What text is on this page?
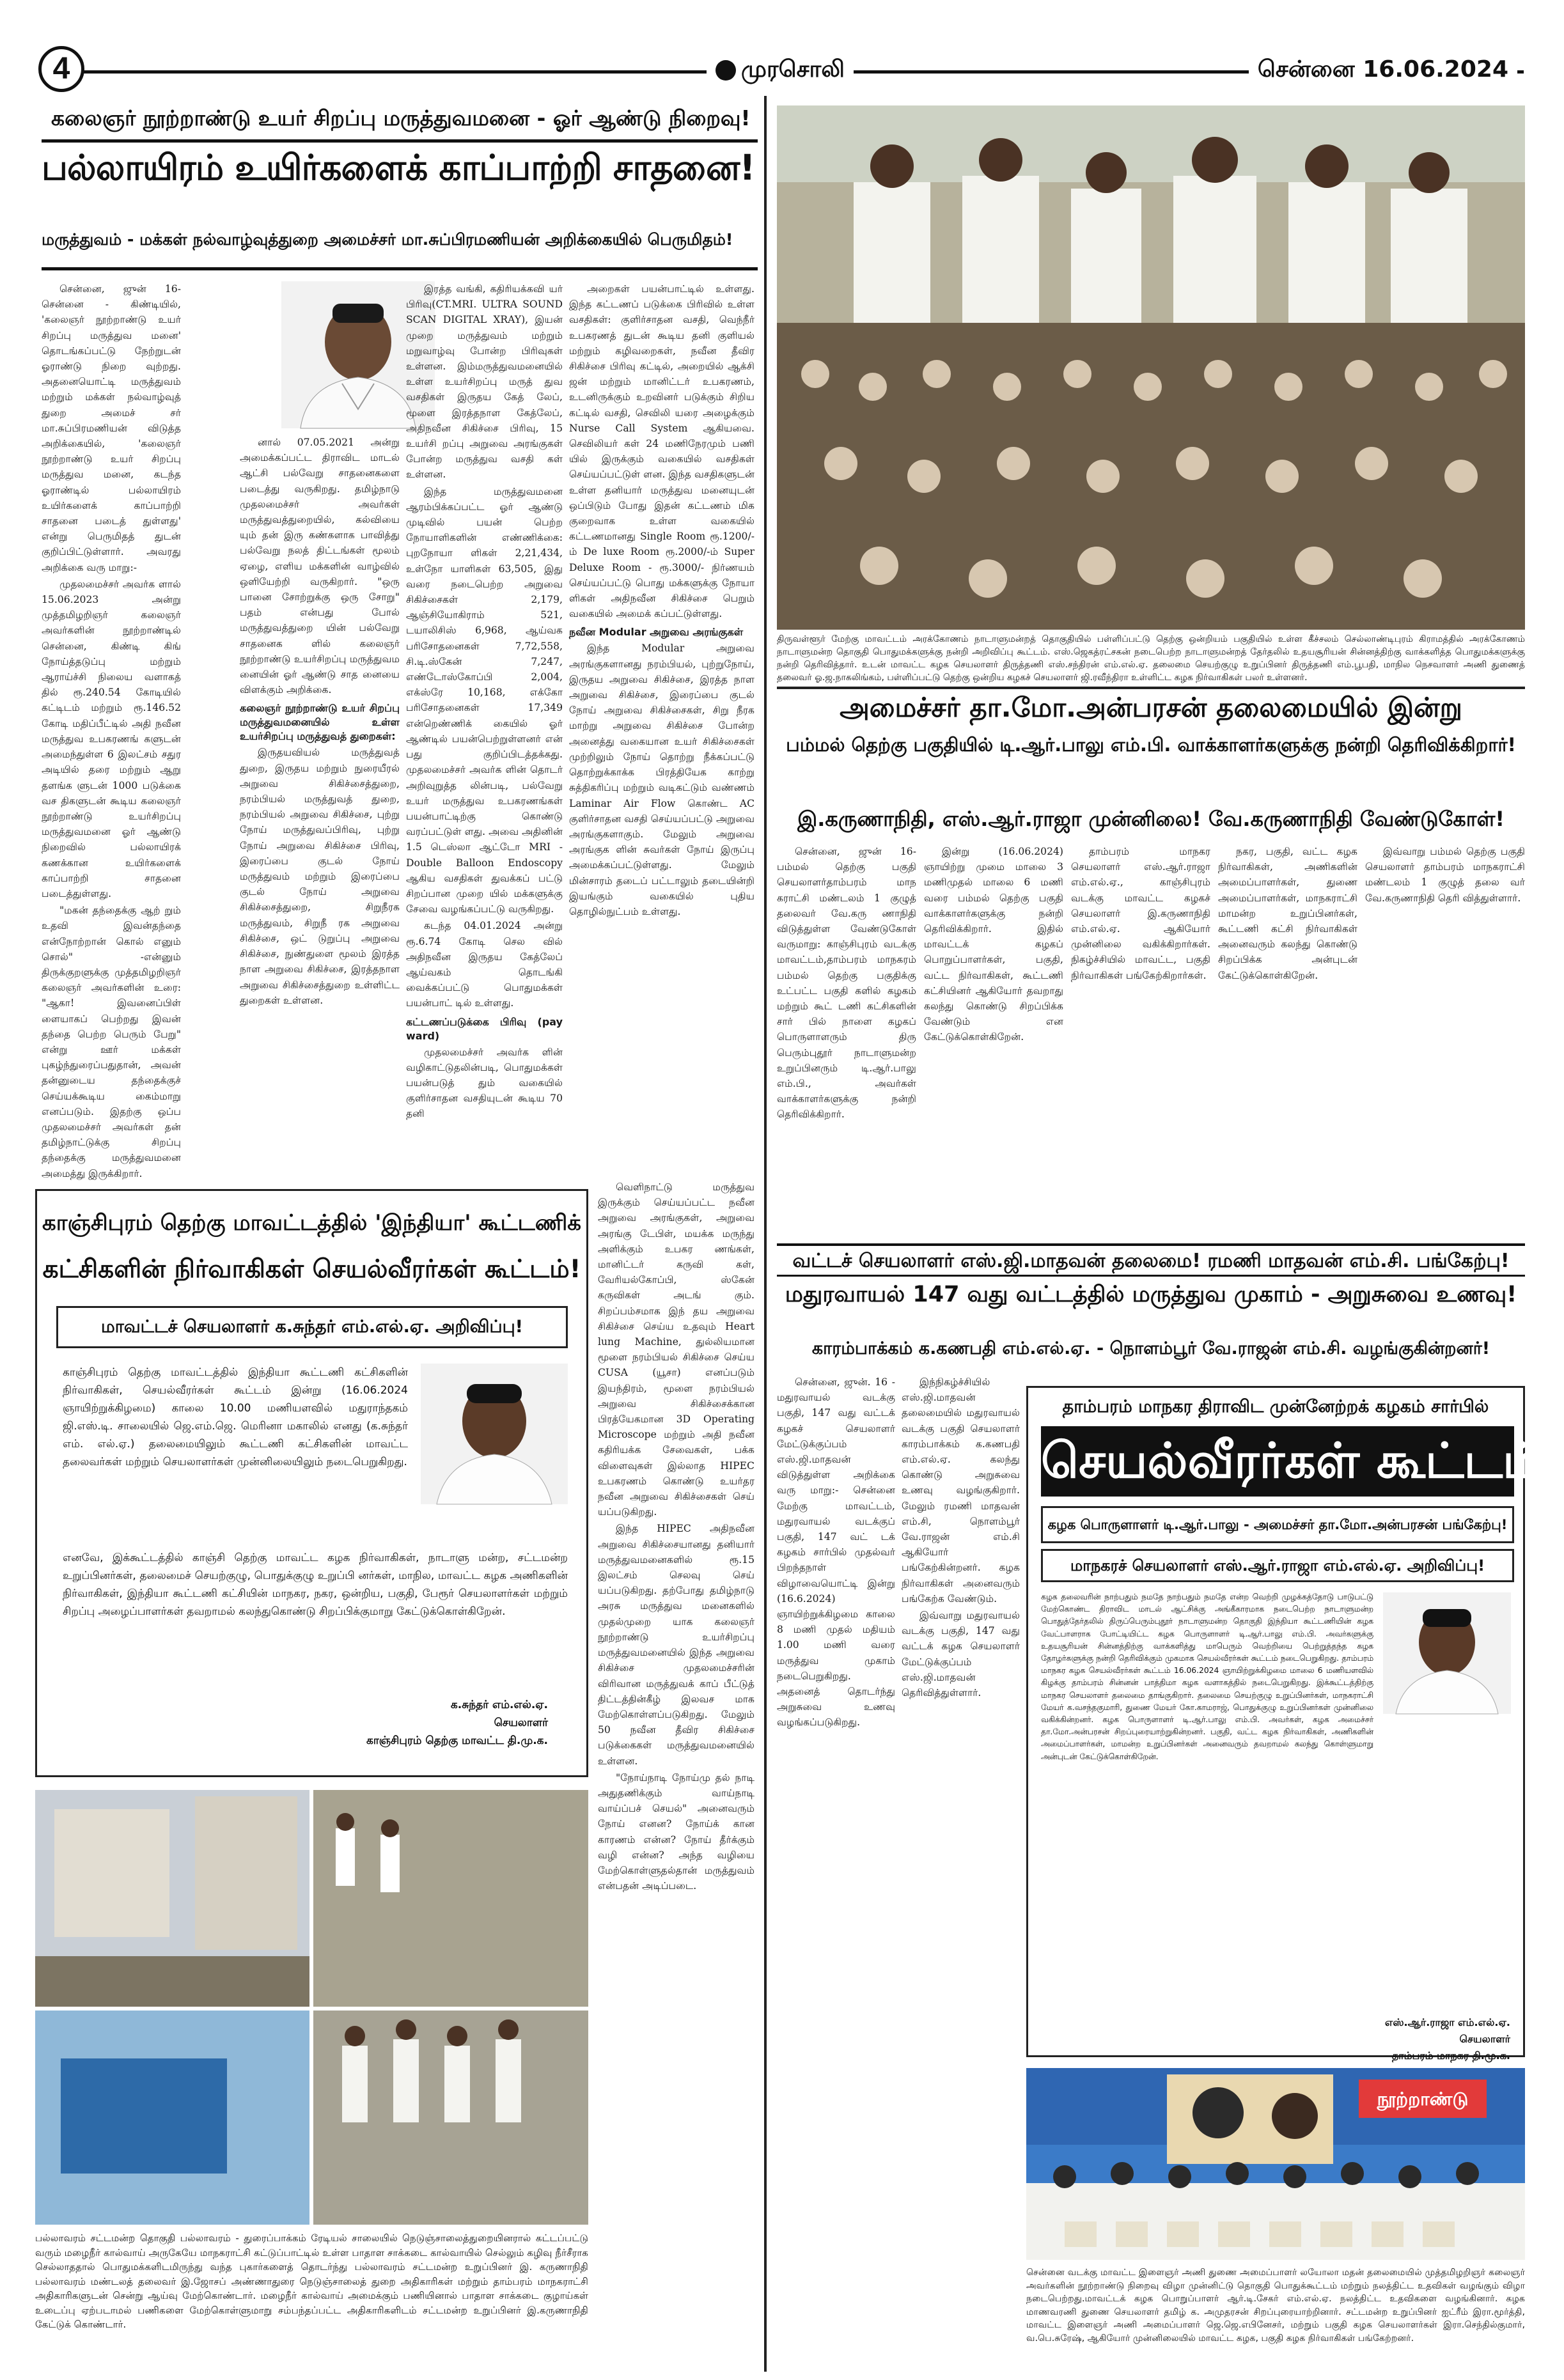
4	முரசொலி	சென்னை 16.06.2024
கலைஞர் நூற்றாண்டு உயர் சிறப்பு மருத்துவமனை - ஓர் ஆண்டு நிறைவு!
பல்லாயிரம் உயிர்களைக் காப்பாற்றி சாதனை!
மருத்துவம் - மக்கள் நல்வாழ்வுத்துறை அமைச்சர் மா.சுப்பிரமணியன் அறிக்கையில் பெருமிதம்!

சென்னை, ஜுன் 16- சென்னை - கிண்டியில், 'கலைஞர் நூற்றாண்டு உயர் சிறப்பு மருத்துவ மனை' தொடங்கப்பட்டு நேற்றுடன் ஓராண்டு நிறை வுற்றது. அதனையொட்டி மருத்துவம் மற்றும் மக்கள் நல்வாழ்வுத் துறை அமைச் சர் மா.சுப்பிரமணியன் விடுத்த அறிக்கையில், 'கலைஞர் நூற்றாண்டு உயர் சிறப்பு மருத்துவ மனை, கடந்த ஓராண்டில் பல்லாயிரம் உயிர்களைக் காப்பாற்றி சாதனை படைத் துள்ளது' என்று பெருமிதத் துடன் குறிப்பிட்டுள்ளார். அவரது அறிக்கை வரு மாறு:-

முதலமைச்சர் அவர்க ளால் 15.06.2023 அன்று முத்தமிழறிஞர் கலைஞர் அவர்களின் நூற்றாண்டில் சென்னை, கிண்டி கிங் நோய்த்தடுப்பு மற்றும் ஆராய்ச்சி நிலைய வளாகத் தில் ரூ.240.54 கோடியில் கட்டிடம் மற்றும் ரூ.146.52 கோடி மதிப்பீட்டில் அதி நவீன மருத்துவ உபகரணங் களுடன் அமைந்துள்ள 6 இலட்சம் சதுர அடியில் தரை மற்றும் ஆறு தளங்க ளுடன் 1000 படுக்கை வச திகளுடன் கூடிய கலைஞர் நூற்றாண்டு உயர்சிறப்பு மருத்துவமனை ஓர் ஆண்டு நிறைவில் பல்லாயிரக் கணக்கான உயிர்களைக் காப்பாற்றி சாதனை படைத்துள்ளது.

"மகன் தந்தைக்கு ஆற் றும் உதவி இவன்தந்தை என்நோற்றான் கொல் எனும் சொல்" -என்னும் திருக்குறளுக்கு முத்தமிழறிஞர் கலைஞர் அவர்களின் உரை: "ஆகா! இவனைப்பிள் ளையாகப் பெற்றது இவன் தந்தை பெற்ற பெரும் பேறு" என்று ஊர் மக்கள் புகழ்ந்துரைப்பதுதான், அவன் தன்னுடைய தந்தைக்குச் செய்யக்கூடிய கைம்மாறு எனப்படும். இதற்கு ஒப்ப முதலமைச்சர் அவர்கள் தன் தமிழ்நாட்டுக்கு சிறப்பு தந்தைக்கு மருத்துவமனை அமைத்து இருக்கிறார்.

னால் 07.05.2021 அன்று அமைக்கப்பட்ட திராவிட மாடல் ஆட்சி பல்வேறு சாதனைகளை படைத்து வருகிறது. தமிழ்நாடு முதலமைச்சர் அவர்கள் மருத்துவத்துறையில், கல்வியை யும் தன் இரு கண்களாக பாவித்து பல்வேறு நலத் திட்டங்கள் மூலம் ஏழை, எளிய மக்களின் வாழ்வில் ஒளியேற்றி வருகிறார். "ஒரு பானை சோற்றுக்கு ஒரு சோறு" பதம் என்பது போல் மருத்துவத்துறை யின் பல்வேறு சாதனைக ளில் கலைஞர் நூற்றாண்டு உயர்சிறப்பு மருத்துவம னையின் ஓர் ஆண்டு சாத னையை விளக்கும் அறிக்கை.

கலைஞர் நூற்றாண்டு உயர் சிறப்பு மருத்துவமனையில் உள்ள உயர்சிறப்பு மருத்துவத் துறைகள்:

இருதயவியல் மருத்துவத் துறை, இருதய மற்றும் நுரையீரல் அறுவை சிகிச்சைத்துறை, நரம்பியல் மருத்துவத் துறை, நரம்பியல் அறுவை சிகிச்சை, புற்று நோய் மருத்துவப்பிரிவு, புற்று நோய் அறுவை சிகிச்சை பிரிவு, இரைப்பை குடல் நோய் மருத்துவம் மற்றும் இரைப்பை குடல் நோய் அறுவை சிகிச்சைத்துறை, சிறுநீரக மருத்துவம், சிறுநீ ரக அறுவை சிகிச்சை, ஒட் டுறுப்பு அறுவை சிகிச்சை, நுண்துளை மூலம் இரத்த நாள அறுவை சிகிச்சை, இரத்தநாள அறுவை சிகிச்சைத்துறை உள்ளிட்ட துறைகள் உள்ளன.

இரத்த வங்கி, கதிரியக்கவி யர் பிரிவு(CT.MRI. ULTRA SOUND SCAN DIGITAL XRAY), இயன் முறை மருத்துவம் மற்றும் மறுவாழ்வு போன்ற பிரிவுகள் உள்ளன. இம்மருத்துவமனையில் உள்ள உயர்சிறப்பு மருத் துவ வசதிகள் இருதய கேத் லேப், மூளை இரத்தநாள கேத்லேப், அதிநவீன சிகிச்சை பிரிவு, 15 உயர்சி றப்பு அறுவை அரங்குகள் போன்ற மருத்துவ வசதி கள் உள்ளன.

இந்த மருத்துவமனை ஆரம்பிக்கப்பட்ட ஓர் ஆண்டு முடிவில் பயன் பெற்ற நோயாளிகளின் எண்ணிக்கை: புறநோயா ளிகள் 2,21,434, உள்நோ யாளிகள் 63,505, இது வரை நடைபெற்ற அறுவை சிகிச்சைகள் 2,179, ஆஞ்சியோகிராம் 521, டயாலிசிஸ் 6,968, ஆய்வக பரிசோதனைகள் 7,72,558, சி.டி.ஸ்கேன் 7,247, எண்டோஸ்கோப்பி 2,004, எக்ஸ்ரே 10,168, எக்கோ பரிசோதனைகள் 17,349 என்றெண்ணிக் கையில் ஓர் ஆண்டில் பயன்பெற்றுள்ளனர் என் பது குறிப்பிடத்தக்கது. முதலமைச்சர் அவர்க ளின் தொடர் அறிவுறுத்த லின்படி, பல்வேறு உயர் மருத்துவ உபகரணங்கள் பயன்பாட்டிற்கு கொண்டு வரப்பட்டுள் ளது. அவை அதினின் 1.5 டெஸ்லா ஆட்டோ MRI - Double Balloon Endoscopy ஆகிய வசதிகள் துவக்கப் பட்டு சிறப்பான முறை யில் மக்களுக்கு சேவை வழங்கப்பட்டு வருகிறது.

கடந்த 04.01.2024 அன்று ரூ.6.74 கோடி செல வில் அதிநவீன இருதய கேத்லேப் ஆய்வகம் தொடங்கி வைக்கப்பட்டு பொதுமக்கள் பயன்பாட் டில் உள்ளது.

கட்டணப்படுக்கை பிரிவு (pay ward)

முதலமைச்சர் அவர்க ளின் வழிகாட்டுதலின்படி, பொதுமக்கள் பயன்படுத் தும் வகையில் குளிர்சாதன வசதியுடன் கூடிய 70 தனி

அறைகள் பயன்பாட்டில் உள்ளது. இந்த கட்டணப் படுக்கை பிரிவில் உள்ள வசதிகள்: குளிர்சாதன வசதி, வெந்நீர் உபகரணத் துடன் கூடிய தனி குளியல் மற்றும் கழிவறைகள், நவீன தீவிர சிகிச்சை பிரிவு கட்டில், அறையில் ஆக்சி ஜன் மற்றும் மானிட்டர் உபகரணம், உடனிருக்கும் உறவினர் படுக்கும் சிறிய கட்டில் வசதி, செவிலி யரை அழைக்கும் Nurse Call System ஆகியவை. செவிலியர் கள் 24 மணிநேரமும் பணி யில் இருக்கும் வகையில் வசதிகள் செய்யப்பட்டுள் ளன. இந்த வசதிகளுடன் உள்ள தனியார் மருத்துவ மனையுடன் ஒப்பிடும் போது இதன் கட்டணம் மிக குறைவாக உள்ள வகையில் கட்டணமானது Single Room ரூ.1200/-ம் De luxe Room ரூ.2000/-ம் Super Deluxe Room - ரூ.3000/- நிர்ணயம் செய்யப்பட்டு பொது மக்களுக்கு நோயா ளிகள் அதிநவீன சிகிச்சை பெறும் வகையில் அமைக் கப்பட்டுள்ளது.

நவீன Modular அறுவை அரங்குகள்

இந்த Modular அறுவை அரங்குகளானது நரம்பியல், புற்றுநோய், இருதய அறுவை சிகிச்சை, இரத்த நாள அறுவை சிகிச்சை, இரைப்பை குடல் நோய் அறுவை சிகிச்சைகள், சிறு நீரக மாற்று அறுவை சிகிச்சை போன்ற அனைத்து வகையான உயர் சிகிச்சைகள் முற்றிலும் நோய் தொற்று நீக்கப்பட்டு தொற்றுக்காக்க பிரத்தியேக காற்று சுத்திகரிப்பு மற்றும் வடிகட்டும் வண்ணம் Laminar Air Flow கொண்ட AC குளிர்சாதன வசதி செய்யப்பட்டு அறுவை அரங்குகளாகும். மேலும் அறுவை அரங்குக ளின் சுவர்கள் நோய் இருப்பு அமைக்கப்பட்டுள்ளது. மேலும் மின்சாரம் தடைப் பட்டாலும் தடையின்றி இயங்கும் வகையில் புதிய தொழில்நுட்பம் உள்ளது.

திருவள்ளூர் மேற்கு மாவட்டம் அரக்கோணம் நாடாளுமன்றத் தொகுதியில் பள்ளிப்பட்டு தெற்கு ஒன்றியம் பகுதியில் உள்ள கீச்சலம் செல்லாண்டிபுரம் கிராமத்தில் அரக்கோணம் நாடாளுமன்ற தொகுதி பொதுமக்களுக்கு நன்றி அறிவிப்பு கூட்டம். எஸ்.ஜெகத்ரட்சகன் நடைபெற்ற நாடாளுமன்றத் தேர்தலில் உதயசூரியன் சின்னத்திற்கு வாக்களித்த பொதுமக்களுக்கு நன்றி தெரிவித்தார். உடன் மாவட்ட கழக செயலாளர் திருத்தணி எஸ்.சந்திரன் எம்.எல்.ஏ. தலைமை செயற்குழு உறுப்பினர் திருத்தணி எம்.பூபதி, மாநில நெசவாளர் அணி துணைத் தலைவர் ஓ.ஜ.நாகலிங்கம், பள்ளிப்பட்டு தெற்கு ஒன்றிய கழகச் செயலாளர் ஜி.ரவீந்திரா உள்ளிட்ட கழக நிர்வாகிகள் பலர் உள்ளனர்.
அமைச்சர் தா.மோ.அன்பரசன் தலைமையில் இன்று
பம்மல் தெற்கு பகுதியில் டி.ஆர்.பாலு எம்.பி. வாக்காளர்களுக்கு நன்றி தெரிவிக்கிறார்!
இ.கருணாநிதி, எஸ்.ஆர்.ராஜா முன்னிலை! வே.கருணாநிதி வேண்டுகோள்!

சென்னை, ஜுன் 16- பம்மல் தெற்கு பகுதி செயலாளர்தாம்பரம் மாந கராட்சி மண்டலம் 1 குழுத் தலைவர் வே.கரு ணாநிதி விடுத்துள்ள வேண்டுகோள் வருமாறு: காஞ்சிபுரம் வடக்கு மாவட்டம்,தாம்பரம் மாநகரம் பம்மல் தெற்கு பகுதிக்கு உட்பட்ட பகுதி களில் கழகம் மற்றும் கூட் டணி கட்சிகளின் சார் பில் நாளை கழகப் பொருளாளரும் திரு பெரும்புதூர் நாடாளுமன்ற உறுப்பினரும் டி.ஆர்.பாலு எம்.பி., அவர்கள் வாக்காளர்களுக்கு நன்றி தெரிவிக்கிறார்.

இன்று (16.06.2024) ஞாயிற்று முமை மாலை 3 மணிமுதல் மாலை 6 மணி வரை பம்மல் தெற்கு பகுதி வாக்காளர்களுக்கு நன்றி தெரிவிக்கிறார். இதில் மாவட்டக் கழகப் பொறுப்பாளர்கள், பகுதி, வட்ட நிர்வாகிகள், கூட்டணி கட்சியினர் ஆகியோர் தவறாது கலந்து கொண்டு சிறப்பிக்க வேண்டும் என கேட்டுக்கொள்கிறேன்.

தாம்பரம் மாநகர செயலாளர் எஸ்.ஆர்.ராஜா எம்.எல்.ஏ., காஞ்சிபுரம் வடக்கு மாவட்ட கழகச் செயலாளர் இ.கருணாநிதி எம்.எல்.ஏ. ஆகியோர் முன்னிலை வகிக்கிறார்கள். நிகழ்ச்சியில் மாவட்ட, பகுதி நிர்வாகிகள் பங்கேற்கிறார்கள்.

நகர, பகுதி, வட்ட கழக நிர்வாகிகள், அணிகளின் அமைப்பாளர்கள், துணை அமைப்பாளர்கள், மாநகராட்சி மாமன்ற உறுப்பினர்கள், கூட்டணி கட்சி நிர்வாகிகள் அனைவரும் கலந்து கொண்டு சிறப்பிக்க அன்புடன் கேட்டுக்கொள்கிறேன்.

இவ்வாறு பம்மல் தெற்கு பகுதி செயலாளர் தாம்பரம் மாநகராட்சி மண்டலம் 1 குழுத் தலை வர் வே.கருணாநிதி தெரி வித்துள்ளார்.

வட்டச் செயலாளர் எஸ்.ஜி.மாதவன் தலைமை! ரமணி மாதவன் எம்.சி. பங்கேற்பு!
மதுரவாயல் 147 வது வட்டத்தில் மருத்துவ முகாம் - அறுசுவை உணவு!
காரம்பாக்கம் க.கணபதி எம்.எல்.ஏ. - நொளம்பூர் வே.ராஜன் எம்.சி. வழங்குகின்றனர்!

சென்னை, ஜுன். 16 - மதுரவாயல் வடக்கு பகுதி, 147 வது வட்டக் கழகச் செயலாளர் மேட்டுக்குப்பம் எஸ்.ஜி.மாதவன் விடுத்துள்ள அறிக்கை வரு மாறு:- சென்னை மேற்கு மாவட்டம், மதுரவாயல் வடக்குப் பகுதி, 147 வட் டக் கழகம் சார்பில் முதல்வர் பிறந்தநாள் விழாவையொட்டி இன்று (16.6.2024) ஞாயிற்றுக்கிழமை காலை 8 மணி முதல் மதியம் 1.00 மணி வரை மருத்துவ முகாம் நடைபெறுகிறது. அதனைத் தொடர்ந்து அறுசுவை உணவு வழங்கப்படுகிறது.

இந்நிகழ்ச்சியில் எஸ்.ஜி.மாதவன் தலைமையில் மதுரவாயல் வடக்கு பகுதி செயலாளர் காரம்பாக்கம் க.கணபதி எம்.எல்.ஏ. கலந்து கொண்டு அறுசுவை உணவு வழங்குகிறார். மேலும் ரமணி மாதவன் எம்.சி, நொளம்பூர் வே.ராஜன் எம்.சி ஆகியோர் பங்கேற்கின்றனர். கழக நிர்வாகிகள் அனைவரும் பங்கேற்க வேண்டும்.

இவ்வாறு மதுரவாயல் வடக்கு பகுதி, 147 வது வட்டக் கழக செயலாளர் மேட்டுக்குப்பம் எஸ்.ஜி.மாதவன் தெரிவித்துள்ளார்.

வெளிநாட்டு மருத்துவ இருக்கும் செய்யப்பட்ட நவீன அறுவை அரங்குகள், அறுவை அரங்கு டேபிள், மயக்க மருந்து அளிக்கும் உபகர ணங்கள், மானிட்டர் கருவி கள், வேரியல்கோப்பி, ஸ்கேன் கருவிகள் அடங் கும். சிறப்பம்சமாக இந் தய அறுவை சிகிச்சை செய்ய உதவும் Heart lung Machine, துல்லியமான மூளை நரம்பியல் சிகிச்சை செய்ய CUSA (யூசா) எனப்படும் இயந்திரம், மூளை நரம்பியல் அறுவை சிகிச்சைக்கான பிரத்யேகமான 3D Operating Microscope மற்றும் அதி நவீன கதிரியக்க சேவைகள், பக்க விளைவுகள் இல்லாத HIPEC உபகரணம் கொண்டு உயர்தர நவீன அறுவை சிகிச்சைகள் செய் யப்படுகிறது.

இந்த HIPEC அதிநவீன அறுவை சிகிச்சையானது தனியார் மருத்துவமனைகளில் ரூ.15 இலட்சம் செலவு செய் யப்படுகிறது. தற்போது தமிழ்நாடு அரசு மருத்துவ மனைகளில் முதல்முறை யாக கலைஞர் நூற்றாண்டு உயர்சிறப்பு மருத்துவமனையில் இந்த அறுவை சிகிச்சை முதலமைச்சரின் விரிவான மருத்துவக் காப் பீட்டுத் திட்டத்தின்கீழ் இலவச மாக மேற்கொள்ளப்படுகிறது. மேலும் 50 நவீன தீவிர சிகிச்சை படுக்கைகள் மருத்துவமனையில் உள்ளன.

"நோய்நாடி நோய்மு தல் நாடி அதுதணிக்கும் வாய்நாடி வாய்ப்பச் செயல்" அனைவரும் நோய் எனன? நோய்க் கான காரணம் என்ன? நோய் தீர்க்கும் வழி என்ன? அந்த வழியை மேற்கொள்ளுதல்தான் மருத்துவம் என்பதன் அடிப்படை.

காஞ்சிபுரம் தெற்கு மாவட்டத்தில் 'இந்தியா' கூட்டணிக்
கட்சிகளின் நிர்வாகிகள் செயல்வீரர்கள் கூட்டம்!
மாவட்டச் செயலாளர் க.சுந்தர் எம்.எல்.ஏ. அறிவிப்பு!
காஞ்சிபுரம் தெற்கு மாவட்டத்தில் இந்தியா கூட்டணி கட்சிகளின் நிர்வாகிகள், செயல்வீரர்கள் கூட்டம் இன்று (16.06.2024 ஞாயிற்றுக்கிழமை) காலை 10.00 மணியளவில் மதுராந்தகம் ஜி.எஸ்.டி. சாலையில் ஜெ.எம்.ஜெ. மெரினா மகாலில் எனது (க.சுந்தர் எம். எல்.ஏ.) தலைமையிலும் கூட்டணி கட்சிகளின் மாவட்ட தலைவர்கள் மற்றும் செயலாளர்கள் முன்னிலையிலும் நடைபெறுகிறது.
எனவே, இக்கூட்டத்தில் காஞ்சி தெற்கு மாவட்ட கழக நிர்வாகிகள், நாடாளு மன்ற, சட்டமன்ற உறுப்பினர்கள், தலைமைச் செயற்குழு, பொதுக்குழு உறுப்பி னர்கள், மாநில, மாவட்ட கழக அணிகளின் நிர்வாகிகள், இந்தியா கூட்டணி கட்சியின் மாநகர, நகர, ஒன்றிய, பகுதி, பேரூர் செயலாளர்கள் மற்றும் சிறப்பு அழைப்பாளர்கள் தவறாமல் கலந்துகொண்டு சிறப்பிக்குமாறு கேட்டுக்கொள்கிறேன்.
க.சுந்தர் எம்.எல்.ஏ.
செயலாளர்
காஞ்சிபுரம் தெற்கு மாவட்ட தி.மு.க.
பல்லாவரம் சட்டமன்ற தொகுதி பல்லாவரம் - துரைப்பாக்கம் ரேடியல் சாலையில் நெடுஞ்சாலைத்துறையினரால் கட்டப்பட்டு வரும் மழைநீர் கால்வாய் அருகேயே மாநகராட்சி கட்டுப்பாட்டில் உள்ள பாதாள சாக்கடை கால்வாயில் செல்லும் கழிவு நீர்சீராக செல்லாததால் பொதுமக்களிடமிருந்து வந்த புகார்களைத் தொடர்ந்து பல்லாவரம் சட்டமன்ற உறுப்பினர் இ. கருணாநிதி பல்லாவரம் மண்டலத் தலைவர் இ.ஜோசப் அண்ணாதுரை நெடுஞ்சாலைத் துறை அதிகாரிகள் மற்றும் தாம்பரம் மாநகராட்சி அதிகாரிகளுடன் சென்று ஆய்வு மேற்கொண்டார். மழைநீர் கால்வாய் அமைக்கும் பணியினால் பாதாள சாக்கடை குழாய்கள் உடைப்பு ஏற்படாமல் பணிகளை மேற்கொள்ளுமாறு சம்பந்தப்பட்ட அதிகாரிகளிடம் சட்டமன்ற உறுப்பினர் இ.கருணாநிதி கேட்டுக் கொண்டார்.
தாம்பரம் மாநகர திராவிட முன்னேற்றக் கழகம் சார்பில்
செயல்வீரர்கள் கூட்டம்!
கழக பொருளாளர் டி.ஆர்.பாலு - அமைச்சர் தா.மோ.அன்பரசன் பங்கேற்பு!
மாநகரச் செயலாளர் எஸ்.ஆர்.ராஜா எம்.எல்.ஏ. அறிவிப்பு!
கழக தலைவரின் நாற்பதும் நமதே நாற்பதும் நமதே என்ற வெற்றி முழக்கத்தோடு பாடுபட்டு மேற்கொண்ட திராவிட மாடல் ஆட்சிக்கு அங்கீகாரமாக நடைபெற்ற நாடாளுமன்ற பொதுத்தேர்தலில் திருப்பெரும்புதூர் நாடாளுமன்ற தொகுதி இந்தியா கூட்டணியின் கழக வேட்பாளராக போட்டியிட்ட கழக பொருளாளர் டி.ஆர்.பாலு எம்.பி. அவர்களுக்கு உதயசூரியன் சின்னத்திற்கு வாக்களித்து மாபெரும் வெற்றியை பெற்றுத்தந்த கழக தோழர்களுக்கு நன்றி தெரிவிக்கும் முகமாக செயல்வீரர்கள் கூட்டம் நடைபெறுகிறது. தாம்பரம் மாநகர கழக செயல்வீரர்கள் கூட்டம் 16.06.2024 ஞாயிற்றுக்கிழமை மாலை 6 மணியளவில் கிழக்கு தாம்பரம் சின்னன் பாத்திமா கழக வளாகத்தில் நடைபெறுகிறது. இக்கூட்டத்திற்கு மாநகர செயலாளர் தலைமை தாங்குகிறார். தலைமை செயற்குழு உறுப்பினர்கள், மாநகராட்சி மேயர் க.வசந்தகுமாரி, துணை மேயர் கோ.காமராஜ், பொதுக்குழு உறுப்பினர்கள் முன்னிலை வகிக்கின்றனர். கழக பொருளாளர் டி.ஆர்.பாலு எம்.பி. அவர்கள், கழக அமைச்சர் தா.மோ.அன்பரசன் சிறப்புரையாற்றுகின்றனர். பகுதி, வட்ட கழக நிர்வாகிகள், அணிகளின் அமைப்பாளர்கள், மாமன்ற உறுப்பினர்கள் அனைவரும் தவறாமல் கலந்து கொள்ளுமாறு அன்புடன் கேட்டுக்கொள்கிறேன்.
எஸ்.ஆர்.ராஜா எம்.எல்.ஏ.
செயலாளர்
தாம்பரம் மாநகர தி.மு.க.
நூற்றாண்டு
சென்னை வடக்கு மாவட்ட இளைஞர் அணி துணை அமைப்பாளர் லயோலா மதன் தலைமையில் முத்தமிழறிஞர் கலைஞர் அவர்களின் நூற்றாண்டு நிறைவு விழா முன்னிட்டு தொகுதி பொதுக்கூட்டம் மற்றும் நலத்திட்ட உதவிகள் வழங்கும் விழா நடைபெற்றது.மாவட்டக் கழக பொறுப்பாளர் ஆர்.டி.சேகர் எம்.எல்.ஏ. நலத்திட்ட உதவிகளை வழங்கினார். கழக மாணவரணி துணை செயலாளர் தமிழ் க. அமுதரசன் சிறப்புரையாற்றினார். சட்டமன்ற உறுப்பினர் ஐட்ரீம் இரா.மூர்த்தி, மாவட்ட இளைஞர் அணி அமைப்பாளர் ஜெ.ஜெ.எபினேசர், மற்றும் பகுதி கழக செயலாளர்கள் இரா.செந்தில்குமார், வ.பெ.சுரேஷ், ஆகியோர் முன்னிலையில் மாவட்ட கழக, பகுதி கழக நிர்வாகிகள் பங்கேற்றனர்.
